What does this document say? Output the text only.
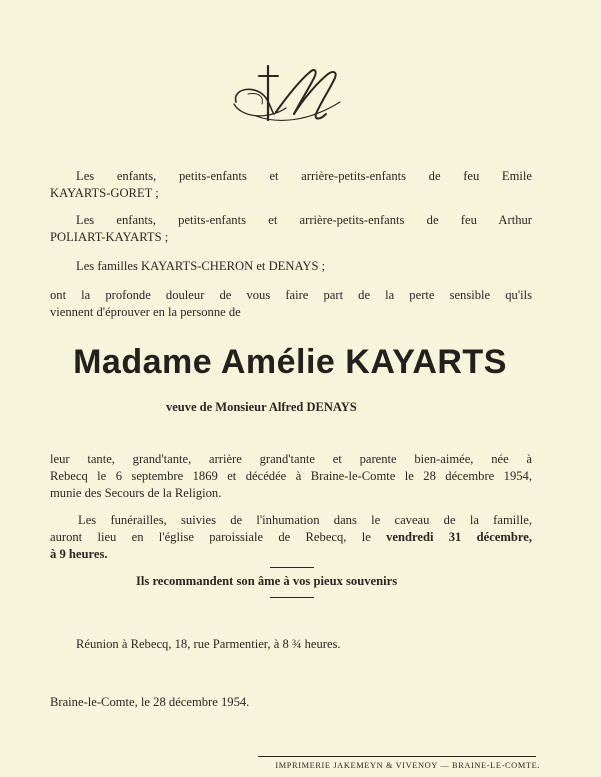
Les enfants, petits-enfants et arrière-petits-enfants de feu Emile
KAYARTS-GORET ;
Les enfants, petits-enfants et arrière-petits-enfants de feu Arthur
POLIART-KAYARTS ;
Les familles KAYARTS-CHERON et DENAYS ;
ont la profonde douleur de vous faire part de la perte sensible qu'ils
viennent d'éprouver en la personne de
Madame Amélie KAYARTS
veuve de Monsieur Alfred DENAYS
leur tante, grand'tante, arrière grand'tante et parente bien-aimée, née à
Rebecq le 6 septembre 1869 et décédée à Braine-le-Comte le 28 décembre 1954,
munie des Secours de la Religion.
Les funérailles, suivies de l'inhumation dans le caveau de la famille,
auront lieu en l'église paroissiale de Rebecq, le vendredi 31 décembre,
à 9 heures.
Ils recommandent son âme à vos pieux souvenirs
Réunion à Rebecq, 18, rue Parmentier, à 8 ¾ heures.
Braine-le-Comte, le 28 décembre 1954.
IMPRIMERIE JAKEMEYN & VIVENOY — BRAINE-LE-COMTE.
